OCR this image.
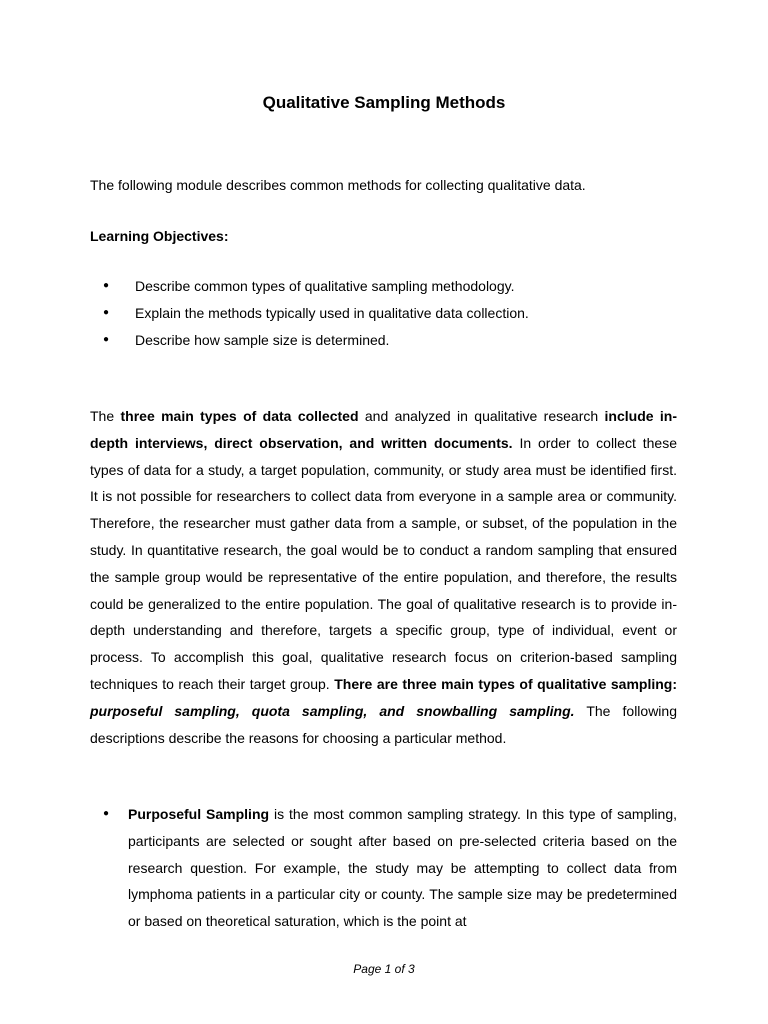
Qualitative Sampling Methods

The following module describes common methods for collecting qualitative data.

Learning Objectives:

● Describe common types of qualitative sampling methodology.
● Explain the methods typically used in qualitative data collection.
● Describe how sample size is determined.

The three main types of data collected and analyzed in qualitative research include in-depth interviews, direct observation, and written documents. In order to collect these types of data for a study, a target population, community, or study area must be identified first. It is not possible for researchers to collect data from everyone in a sample area or community. Therefore, the researcher must gather data from a sample, or subset, of the population in the study. In quantitative research, the goal would be to conduct a random sampling that ensured the sample group would be representative of the entire population, and therefore, the results could be generalized to the entire population. The goal of qualitative research is to provide in-depth understanding and therefore, targets a specific group, type of individual, event or process. To accomplish this goal, qualitative research focus on criterion-based sampling techniques to reach their target group. There are three main types of qualitative sampling: purposeful sampling, quota sampling, and snowballing sampling. The following descriptions describe the reasons for choosing a particular method.

● Purposeful Sampling is the most common sampling strategy. In this type of sampling, participants are selected or sought after based on pre-selected criteria based on the research question. For example, the study may be attempting to collect data from lymphoma patients in a particular city or county. The sample size may be predetermined or based on theoretical saturation, which is the point at

Page 1 of 3
